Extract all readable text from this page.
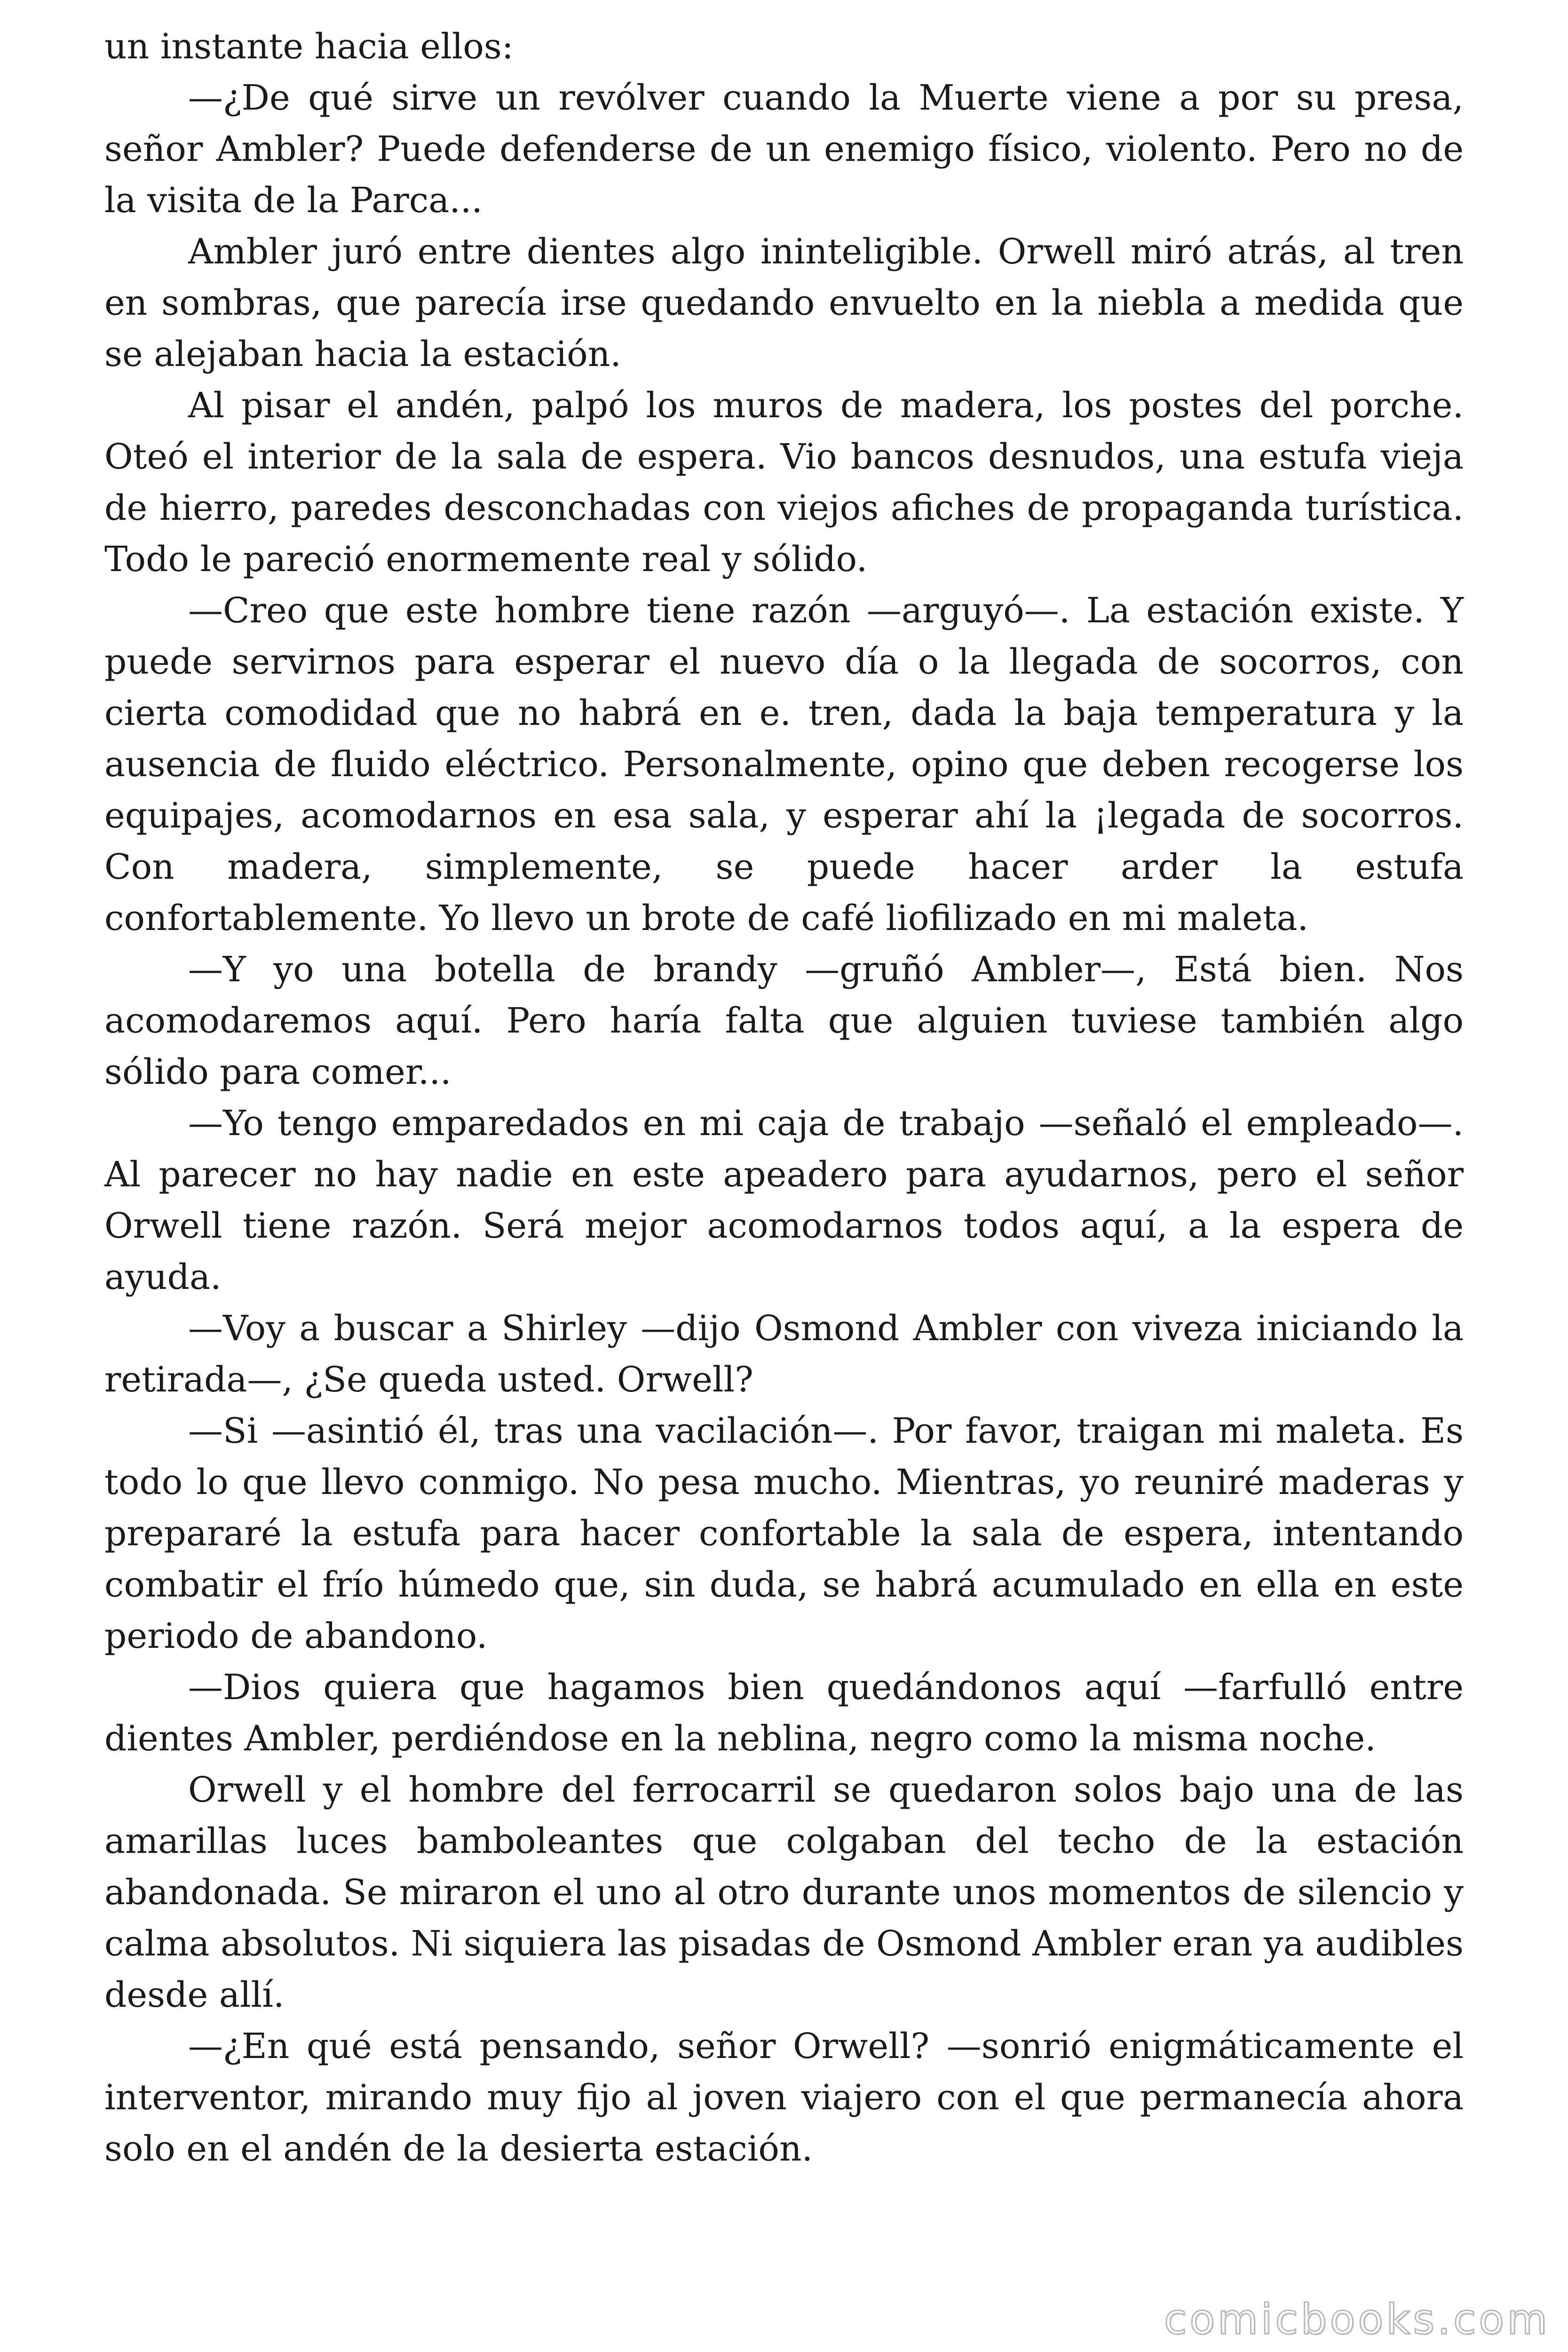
un instante hacia ellos:

—¿De qué sirve un revólver cuando la Muerte viene a por su presa, señor Ambler? Puede defenderse de un enemigo físico, violento. Pero no de la visita de la Parca...

Ambler juró entre dientes algo ininteligible. Orwell miró atrás, al tren en sombras, que parecía irse quedando envuelto en la niebla a medida que se alejaban hacia la estación.

Al pisar el andén, palpó los muros de madera, los postes del porche. Oteó el interior de la sala de espera. Vio bancos desnudos, una estufa vieja de hierro, paredes desconchadas con viejos afiches de propaganda turística. Todo le pareció enormemente real y sólido.

—Creo que este hombre tiene razón —arguyó—. La estación existe. Y puede servirnos para esperar el nuevo día o la llegada de socorros, con cierta comodidad que no habrá en e. tren, dada la baja temperatura y la ausencia de fluido eléctrico. Personalmente, opino que deben recogerse los equipajes, acomodarnos en esa sala, y esperar ahí la ¡legada de socorros. Con madera, simplemente, se puede hacer arder la estufa confortablemente. Yo llevo un brote de café liofilizado en mi maleta.

—Y yo una botella de brandy —gruñó Ambler—, Está bien. Nos acomodaremos aquí. Pero haría falta que alguien tuviese también algo sólido para comer...

—Yo tengo emparedados en mi caja de trabajo —señaló el empleado—. Al parecer no hay nadie en este apeadero para ayudarnos, pero el señor Orwell tiene razón. Será mejor acomodarnos todos aquí, a la espera de ayuda.

—Voy a buscar a Shirley —dijo Osmond Ambler con viveza iniciando la retirada—, ¿Se queda usted. Orwell?

—Si —asintió él, tras una vacilación—. Por favor, traigan mi maleta. Es todo lo que llevo conmigo. No pesa mucho. Mientras, yo reuniré maderas y prepararé la estufa para hacer confortable la sala de espera, intentando combatir el frío húmedo que, sin duda, se habrá acumulado en ella en este periodo de abandono.

—Dios quiera que hagamos bien quedándonos aquí —farfulló entre dientes Ambler, perdiéndose en la neblina, negro como la misma noche.

Orwell y el hombre del ferrocarril se quedaron solos bajo una de las amarillas luces bamboleantes que colgaban del techo de la estación abandonada. Se miraron el uno al otro durante unos momentos de silencio y calma absolutos. Ni siquiera las pisadas de Osmond Ambler eran ya audibles desde allí.

—¿En qué está pensando, señor Orwell? —sonrió enigmáticamente el interventor, mirando muy fijo al joven viajero con el que permanecía ahora solo en el andén de la desierta estación.

comicbooks.com
